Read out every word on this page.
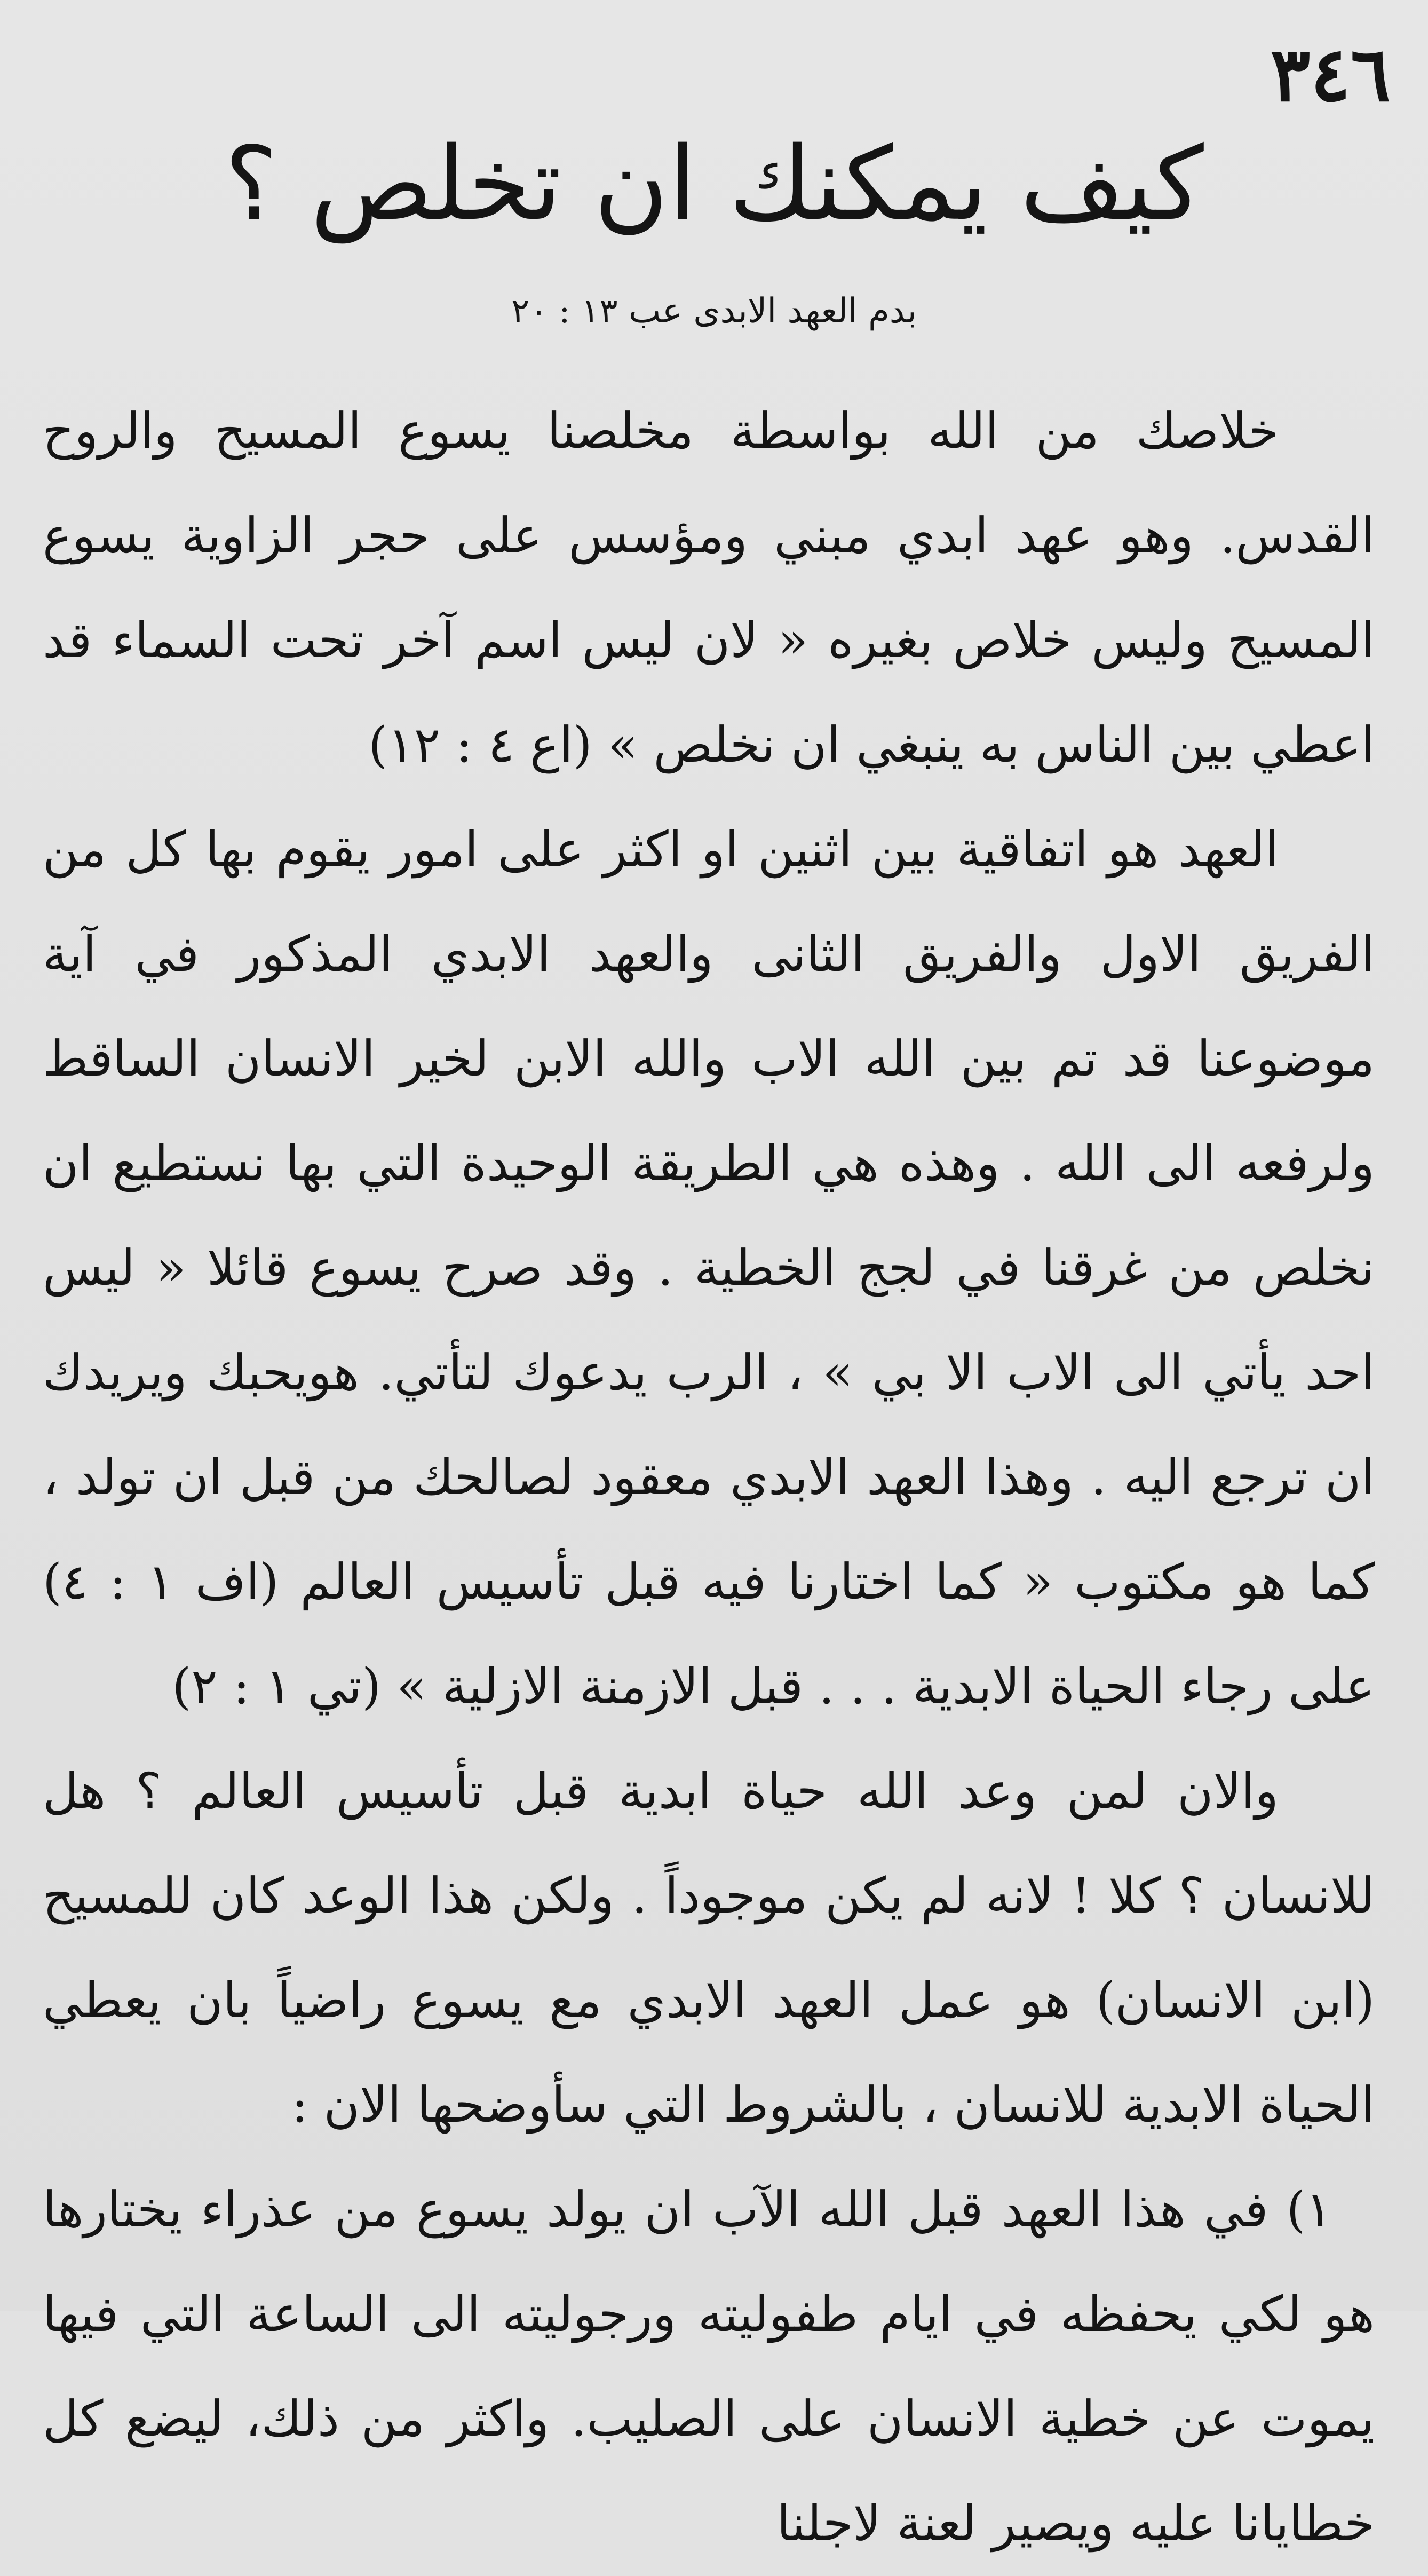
٣٤٦
كيف يمكنك ان تخلص ؟
بدم العهد الابدى عب ١٣ : ٢٠

خلاصك من الله بواسطة مخلصنا يسوع المسيح والروح القدس. وهو عهد ابدي مبني ومؤسس على حجر الزاوية يسوع المسيح وليس خلاص بغيره « لان ليس اسم آخر تحت السماء قد اعطي بين الناس به ينبغي ان نخلص » (اع ٤ : ١٢)

العهد هو اتفاقية بين اثنين او اكثر على امور يقوم بها كل من الفريق الاول والفريق الثانى والعهد الابدي المذكور في آية موضوعنا قد تم بين الله الاب والله الابن لخير الانسان الساقط ولرفعه الى الله . وهذه هي الطريقة الوحيدة التي بها نستطيع ان نخلص من غرقنا في لجج الخطية . وقد صرح يسوع قائلا « ليس احد يأتي الى الاب الا بي » ، الرب يدعوك لتأتي. هويحبك ويريدك ان ترجع اليه . وهذا العهد الابدي معقود لصالحك من قبل ان تولد ، كما هو مكتوب « كما اختارنا فيه قبل تأسيس العالم (اف ١ : ٤) على رجاء الحياة الابدية . . . قبل الازمنة الازلية » (تي ١ : ٢)

والان لمن وعد الله حياة ابدية قبل تأسيس العالم ؟ هل للانسان ؟ كلا ! لانه لم يكن موجوداً . ولكن هذا الوعد كان للمسيح (ابن الانسان) هو عمل العهد الابدي مع يسوع راضياً بان يعطي الحياة الابدية للانسان ، بالشروط التي سأوضحها الان :

١) في هذا العهد قبل الله الآب ان يولد يسوع من عذراء يختارها هو لكي يحفظه في ايام طفوليته ورجوليته الى الساعة التي فيها يموت عن خطية الانسان على الصليب. واكثر من ذلك، ليضع كل خطايانا عليه ويصير لعنة لاجلنا
